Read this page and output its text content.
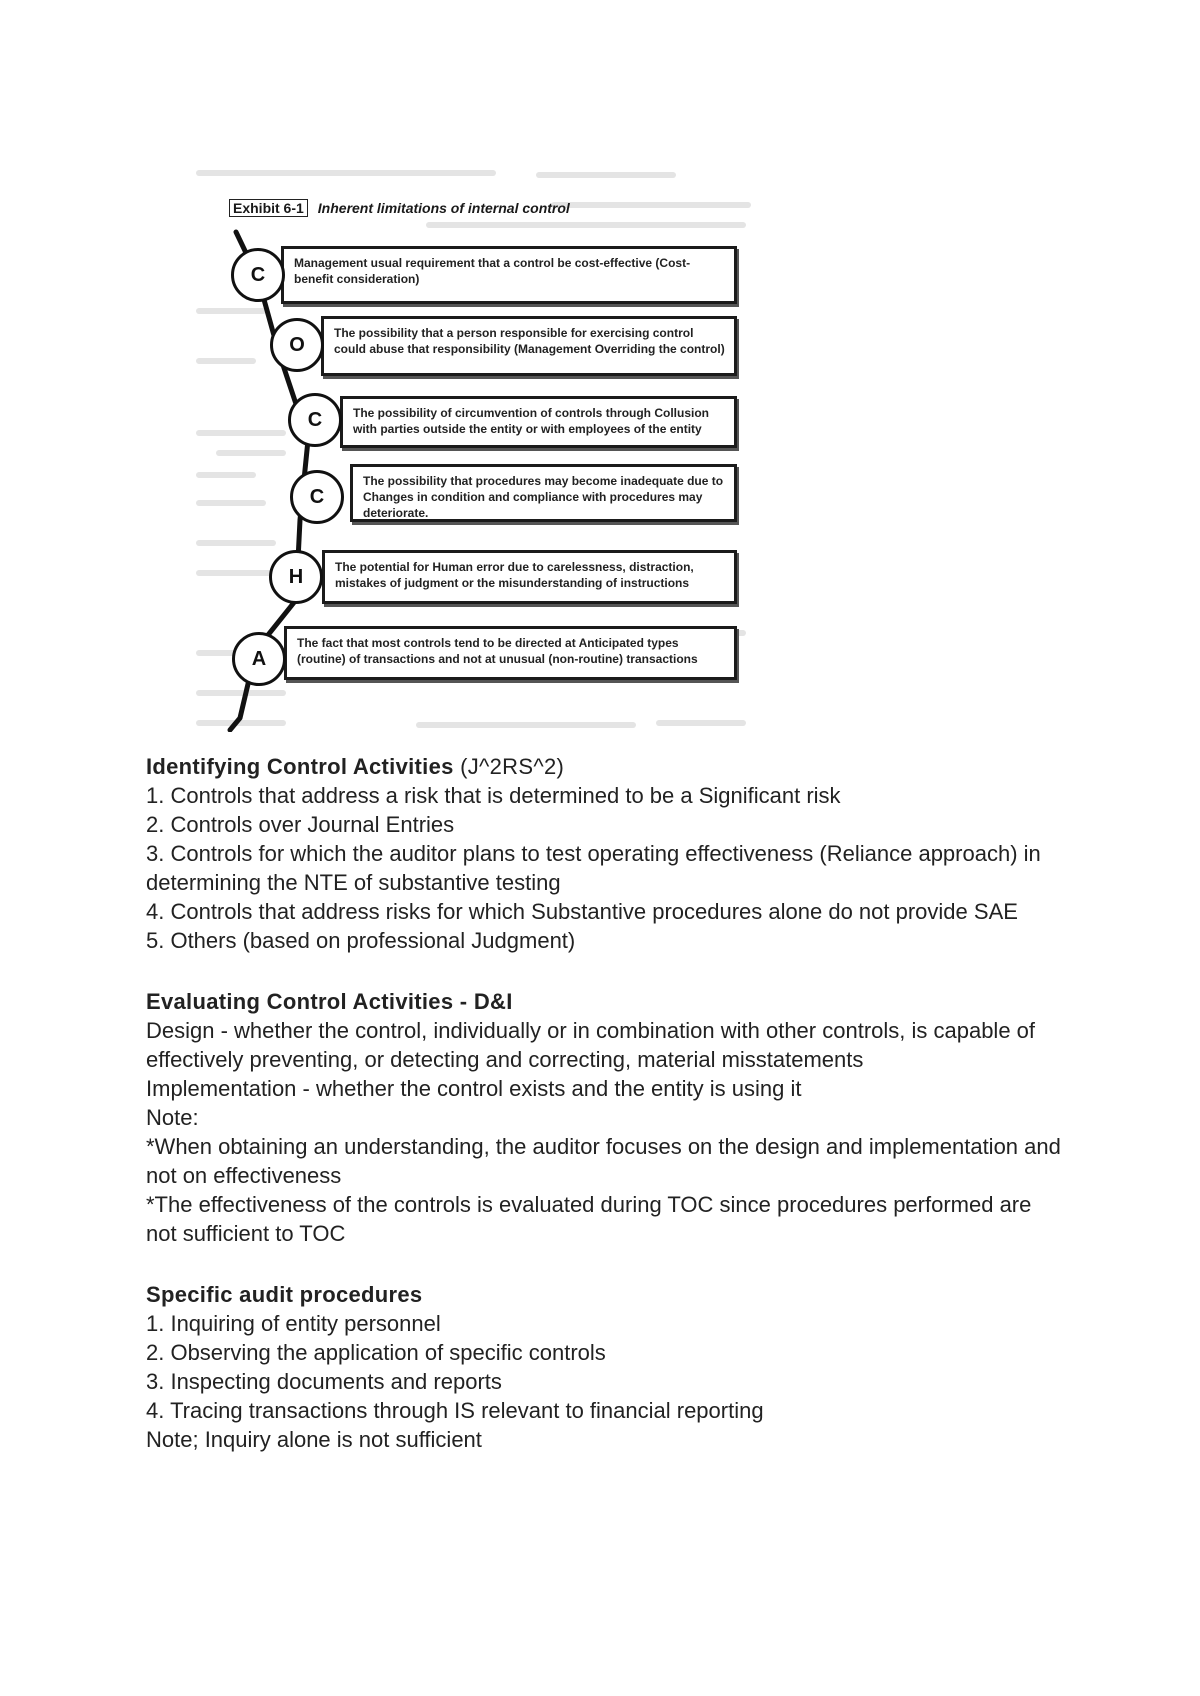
Exhibit 6-1 Inherent limitations of internal control
Management usual requirement that a control be cost-effective (Cost-benefit consideration)
C
The possibility that a person responsible for exercising control could abuse that responsibility (Management Overriding the control)
O
The possibility of circumvention of controls through Collusion with parties outside the entity or with employees of the entity
C
The possibility that procedures may become inadequate due to Changes in condition and compliance with procedures may deteriorate.
C
The potential for Human error due to carelessness, distraction, mistakes of judgment or the misunderstanding of instructions
H
The fact that most controls tend to be directed at Anticipated types (routine) of transactions and not at unusual (non-routine) transactions
A

Identifying Control Activities (J^2RS^2)

1. Controls that address a risk that is determined to be a Significant risk

2. Controls over Journal Entries

3. Controls for which the auditor plans to test operating effectiveness (Reliance approach) in determining the NTE of substantive testing

4. Controls that address risks for which Substantive procedures alone do not provide SAE

5. Others (based on professional Judgment)

Evaluating Control Activities - D&I

Design - whether the control, individually or in combination with other controls, is capable of effectively preventing, or detecting and correcting, material misstatements

Implementation - whether the control exists and the entity is using it

Note:

*When obtaining an understanding, the auditor focuses on the design and implementation and not on effectiveness

*The effectiveness of the controls is evaluated during TOC since procedures performed are not sufficient to TOC

Specific audit procedures

1. Inquiring of entity personnel

2. Observing the application of specific controls

3. Inspecting documents and reports

4. Tracing transactions through IS relevant to financial reporting

Note; Inquiry alone is not sufficient
